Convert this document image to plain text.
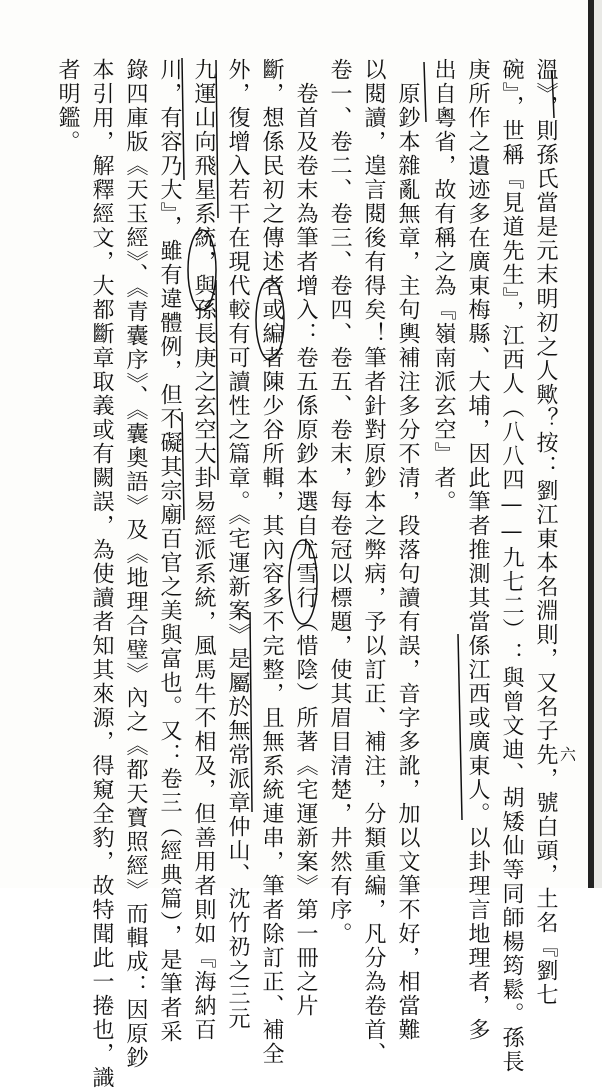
六
溫》，則孫氏當是元末明初之人歟？按：劉江東本名淵則，又名子先，號白頭，土名『劉七
碗』，世稱『見道先生』，江西人（八八四——九七二）：與曾文迪、胡矮仙等同師楊筠鬆。孫長
庚所作之遺迹多在廣東梅縣、大埔，因此筆者推測其當係江西或廣東人。以卦理言地理者，多
出自粵省，故有稱之為『嶺南派玄空』者。
原鈔本雜亂無章，主句輿補注多分不清，段落句讀有誤，音字多訛，加以文筆不好，相當難
以閱讀，遑言閱後有得矣！筆者針對原鈔本之弊病，予以訂正、補注，分類重編，凡分為卷首、
卷一、卷二、卷三、卷四、卷五、卷末，每卷冠以標題，使其眉目清楚，井然有序。
卷首及卷末為筆者增入：卷五係原鈔本選自尤雪行（惜陰）所著《宅運新案》第一冊之片
斷，想係民初之傳述者或編者陳少谷所輯，其內容多不完整，且無系統連串，筆者除訂正、補全
外，復增入若干在現代較有可讀性之篇章。《宅運新案》是屬於無常派章仲山、沈竹礽之三元
九運山向飛星系統，與孫長庚之玄空大卦易經派系統，風馬牛不相及，但善用者則如『海納百
川，有容乃大』，雖有違體例，但不礙其宗廟百官之美與富也。又：卷三（經典篇），是筆者采
錄四庫版《天玉經》、《青囊序》、《囊奧語》及《地理合璧》內之《都天寶照經》而輯成：因原鈔
本引用，解釋經文，大都斷章取義或有闕誤，為使讀者知其來源，得窺全豹，故特聞此一捲也，識
者明鑑。
